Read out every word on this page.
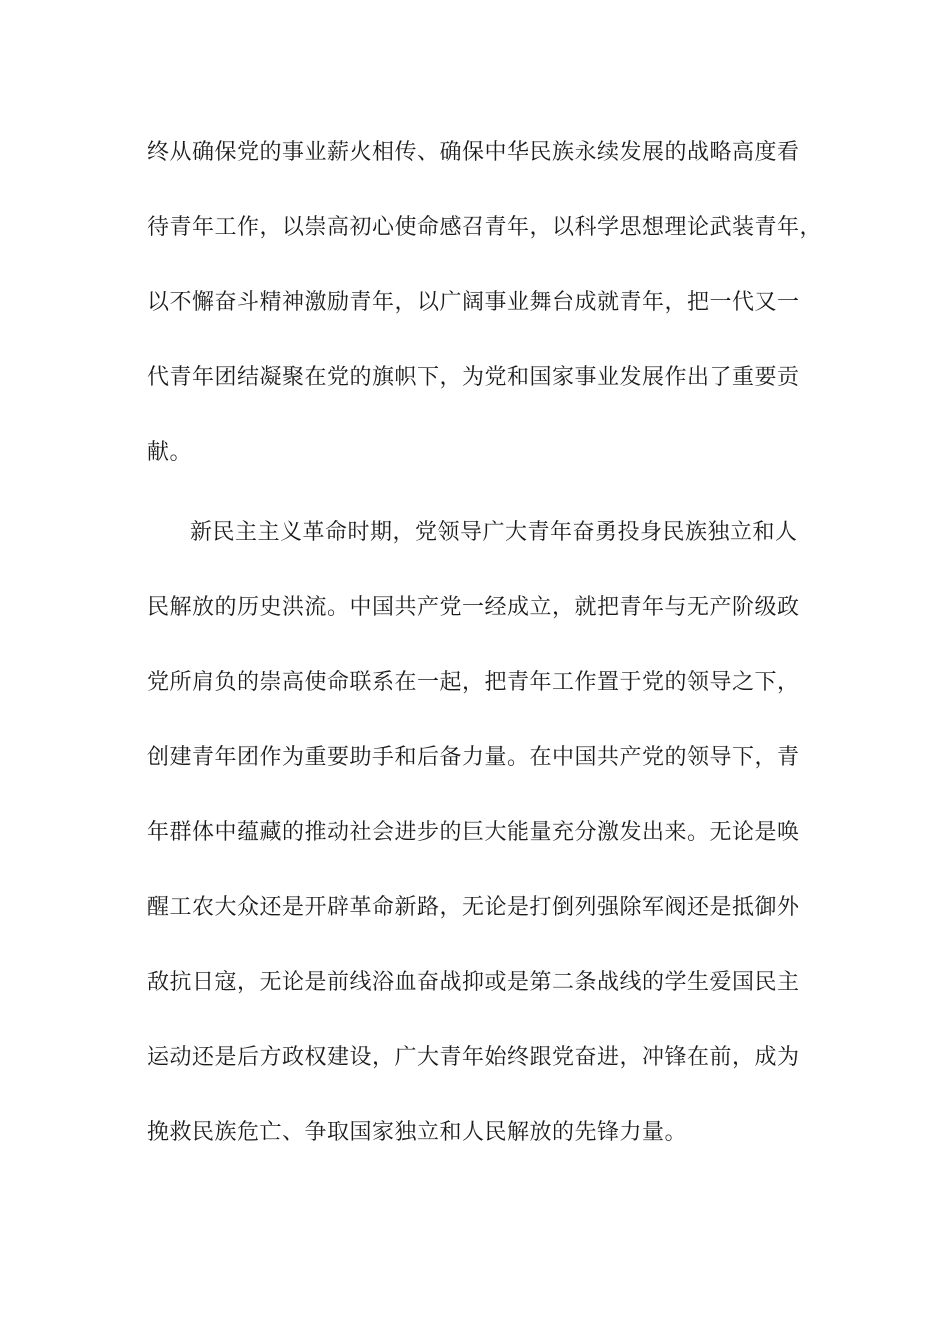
终从确保党的事业薪火相传、确保中华民族永续发展的战略高度看
待青年工作，以崇高初心使命感召青年，以科学思想理论武装青年，
以不懈奋斗精神激励青年，以广阔事业舞台成就青年，把一代又一
代青年团结凝聚在党的旗帜下，为党和国家事业发展作出了重要贡
献。
新民主主义革命时期，党领导广大青年奋勇投身民族独立和人
民解放的历史洪流。中国共产党一经成立，就把青年与无产阶级政
党所肩负的崇高使命联系在一起，把青年工作置于党的领导之下，
创建青年团作为重要助手和后备力量。在中国共产党的领导下，青
年群体中蕴藏的推动社会进步的巨大能量充分激发出来。无论是唤
醒工农大众还是开辟革命新路，无论是打倒列强除军阀还是抵御外
敌抗日寇，无论是前线浴血奋战抑或是第二条战线的学生爱国民主
运动还是后方政权建设，广大青年始终跟党奋进，冲锋在前，成为
挽救民族危亡、争取国家独立和人民解放的先锋力量。
